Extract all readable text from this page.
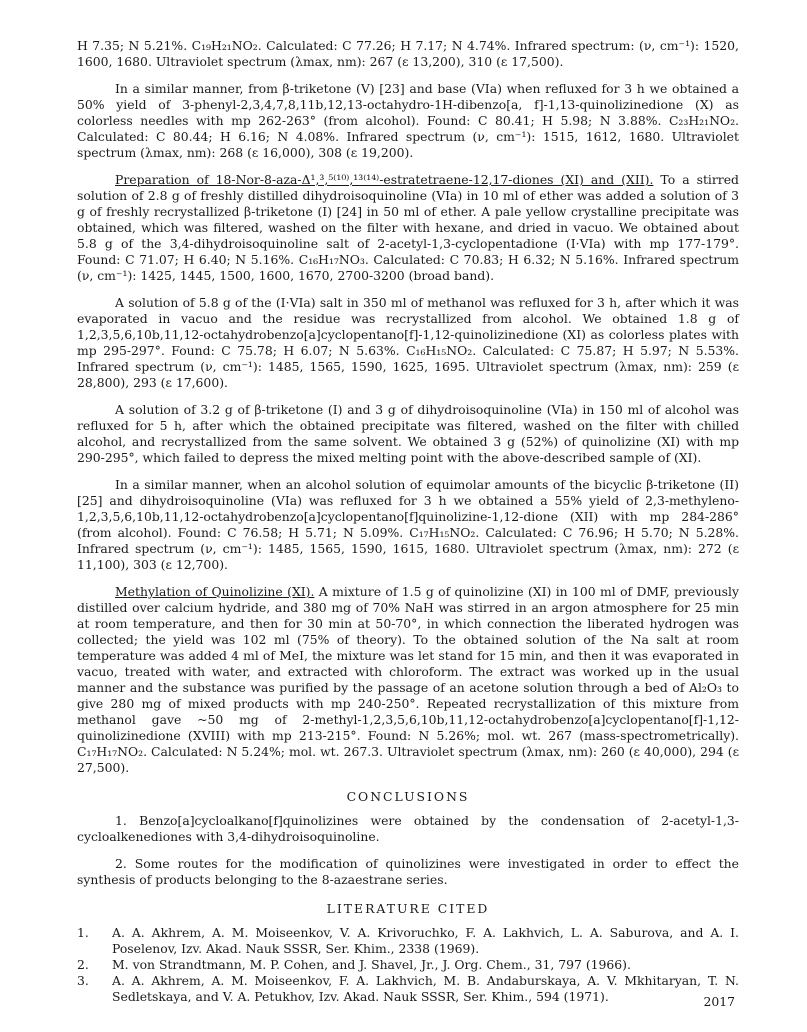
H 7.35; N 5.21%. C₁₉H₂₁NO₂. Calculated: C 77.26; H 7.17; N 4.74%. Infrared spectrum: (ν, cm⁻¹): 1520, 1600, 1680. Ultraviolet spectrum (λmax, nm): 267 (ε 13,200), 310 (ε 17,500).

In a similar manner, from β-triketone (V) [23] and base (VIa) when refluxed for 3 h we obtained a 50% yield of 3-phenyl-2,3,4,7,8,11b,12,13-octahydro-1H-dibenzo[a, f]-1,13-quinolizinedione (X) as colorless needles with mp 262-263° (from alcohol). Found: C 80.41; H 5.98; N 3.88%. C₂₃H₂₁NO₂. Calculated: C 80.44; H 6.16; N 4.08%. Infrared spectrum (ν, cm⁻¹): 1515, 1612, 1680. Ultraviolet spectrum (λmax, nm): 268 (ε 16,000), 308 (ε 19,200).

Preparation of 18-Nor-8-aza-Δ¹,³,⁵⁽¹⁰⁾,¹³⁽¹⁴⁾-estratetraene-12,17-diones (XI) and (XII). To a stirred solution of 2.8 g of freshly distilled dihydroisoquinoline (VIa) in 10 ml of ether was added a solution of 3 g of freshly recrystallized β-triketone (I) [24] in 50 ml of ether. A pale yellow crystalline precipitate was obtained, which was filtered, washed on the filter with hexane, and dried in vacuo. We obtained about 5.8 g of the 3,4-dihydroisoquinoline salt of 2-acetyl-1,3-cyclopentadione (I·VIa) with mp 177-179°. Found: C 71.07; H 6.40; N 5.16%. C₁₆H₁₇NO₃. Calculated: C 70.83; H 6.32; N 5.16%. Infrared spectrum (ν, cm⁻¹): 1425, 1445, 1500, 1600, 1670, 2700-3200 (broad band).

A solution of 5.8 g of the (I·VIa) salt in 350 ml of methanol was refluxed for 3 h, after which it was evaporated in vacuo and the residue was recrystallized from alcohol. We obtained 1.8 g of 1,2,3,5,6,10b,11,12-octahydrobenzo[a]cyclopentano[f]-1,12-quinolizinedione (XI) as colorless plates with mp 295-297°. Found: C 75.78; H 6.07; N 5.63%. C₁₆H₁₅NO₂. Calculated: C 75.87; H 5.97; N 5.53%. Infrared spectrum (ν, cm⁻¹): 1485, 1565, 1590, 1625, 1695. Ultraviolet spectrum (λmax, nm): 259 (ε 28,800), 293 (ε 17,600).

A solution of 3.2 g of β-triketone (I) and 3 g of dihydroisoquinoline (VIa) in 150 ml of alcohol was refluxed for 5 h, after which the obtained precipitate was filtered, washed on the filter with chilled alcohol, and recrystallized from the same solvent. We obtained 3 g (52%) of quinolizine (XI) with mp 290-295°, which failed to depress the mixed melting point with the above-described sample of (XI).

In a similar manner, when an alcohol solution of equimolar amounts of the bicyclic β-triketone (II) [25] and dihydroisoquinoline (VIa) was refluxed for 3 h we obtained a 55% yield of 2,3-methyleno-1,2,3,5,6,10b,11,12-octahydrobenzo[a]cyclopentano[f]quinolizine-1,12-dione (XII) with mp 284-286° (from alcohol). Found: C 76.58; H 5.71; N 5.09%. C₁₇H₁₅NO₂. Calculated: C 76.96; H 5.70; N 5.28%. Infrared spectrum (ν, cm⁻¹): 1485, 1565, 1590, 1615, 1680. Ultraviolet spectrum (λmax, nm): 272 (ε 11,100), 303 (ε 12,700).

Methylation of Quinolizine (XI). A mixture of 1.5 g of quinolizine (XI) in 100 ml of DMF, previously distilled over calcium hydride, and 380 mg of 70% NaH was stirred in an argon atmosphere for 25 min at room temperature, and then for 30 min at 50-70°, in which connection the liberated hydrogen was collected; the yield was 102 ml (75% of theory). To the obtained solution of the Na salt at room temperature was added 4 ml of MeI, the mixture was let stand for 15 min, and then it was evaporated in vacuo, treated with water, and extracted with chloroform. The extract was worked up in the usual manner and the substance was purified by the passage of an acetone solution through a bed of Al₂O₃ to give 280 mg of mixed products with mp 240-250°. Repeated recrystallization of this mixture from methanol gave ~50 mg of 2-methyl-1,2,3,5,6,10b,11,12-octahydrobenzo[a]cyclopentano[f]-1,12-quinolizinedione (XVIII) with mp 213-215°. Found: N 5.26%; mol. wt. 267 (mass-spectrometrically). C₁₇H₁₇NO₂. Calculated: N 5.24%; mol. wt. 267.3. Ultraviolet spectrum (λmax, nm): 260 (ε 40,000), 294 (ε 27,500).

CONCLUSIONS

1. Benzo[a]cycloalkano[f]quinolizines were obtained by the condensation of 2-acetyl-1,3-cycloalkenediones with 3,4-dihydroisoquinoline.

2. Some routes for the modification of quinolizines were investigated in order to effect the synthesis of products belonging to the 8-azaestrane series.

LITERATURE CITED
1.	A. A. Akhrem, A. M. Moiseenkov, V. A. Krivoruchko, F. A. Lakhvich, L. A. Saburova, and A. I. Poselenov, Izv. Akad. Nauk SSSR, Ser. Khim., 2338 (1969).
2.	M. von Strandtmann, M. P. Cohen, and J. Shavel, Jr., J. Org. Chem., 31, 797 (1966).
3.	A. A. Akhrem, A. M. Moiseenkov, F. A. Lakhvich, M. B. Andaburskaya, A. V. Mkhitaryan, T. N. Sedletskaya, and V. A. Petukhov, Izv. Akad. Nauk SSSR, Ser. Khim., 594 (1971).	2017
